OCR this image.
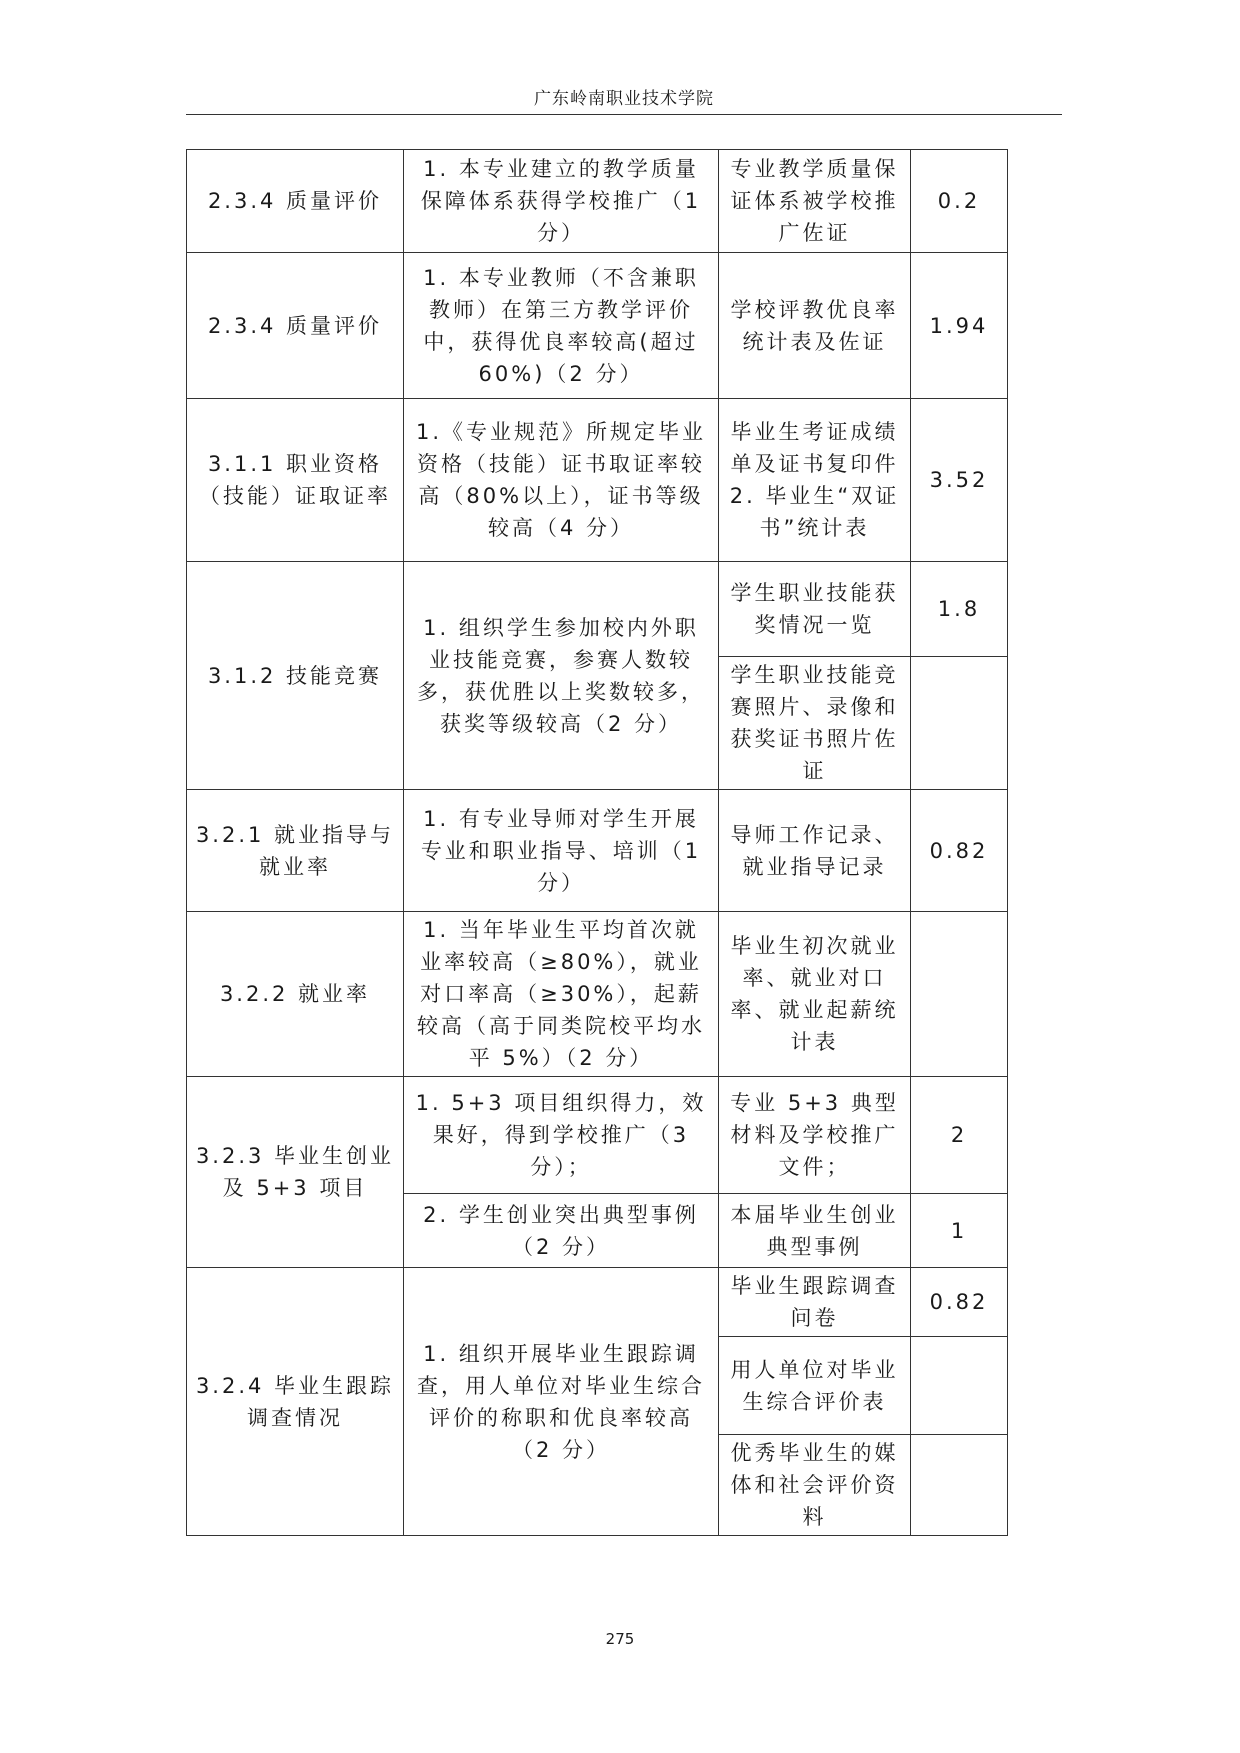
广东岭南职业技术学院
2.3.4 质量评价	1. 本专业建立的教学质量保障体系获得学校推广（1 分）	专业教学质量保证体系被学校推广佐证	0.2
2.3.4 质量评价	1. 本专业教师（不含兼职教师）在第三方教学评价中，获得优良率较高(超过 60%)（2 分）	学校评教优良率统计表及佐证	1.94
3.1.1 职业资格（技能）证取证率	1.《专业规范》所规定毕业资格（技能）证书取证率较高（80%以上），证书等级较高（4 分）	毕业生考证成绩单及证书复印件 2. 毕业生“双证书”统计表	3.52
3.1.2 技能竞赛	1. 组织学生参加校内外职业技能竞赛，参赛人数较多，获优胜以上奖数较多，获奖等级较高（2 分）	学生职业技能获奖情况一览	1.8
		学生职业技能竞赛照片、录像和获奖证书照片佐证	
3.2.1 就业指导与就业率	1. 有专业导师对学生开展专业和职业指导、培训（1 分）	导师工作记录、就业指导记录	0.82
3.2.2 就业率	1. 当年毕业生平均首次就业率较高（≥80%），就业对口率高（≥30%），起薪较高（高于同类院校平均水平 5%）（2 分）	毕业生初次就业率、就业对口率、就业起薪统计表	
3.2.3 毕业生创业及 5+3 项目	1. 5+3 项目组织得力，效果好，得到学校推广（3 分）；	专业 5+3 典型材料及学校推广文件；	2
	2. 学生创业突出典型事例（2 分）	本届毕业生创业典型事例	1
3.2.4 毕业生跟踪调查情况	1. 组织开展毕业生跟踪调查，用人单位对毕业生综合评价的称职和优良率较高（2 分）	毕业生跟踪调查问卷	0.82
		用人单位对毕业生综合评价表	
		优秀毕业生的媒体和社会评价资料	
275
